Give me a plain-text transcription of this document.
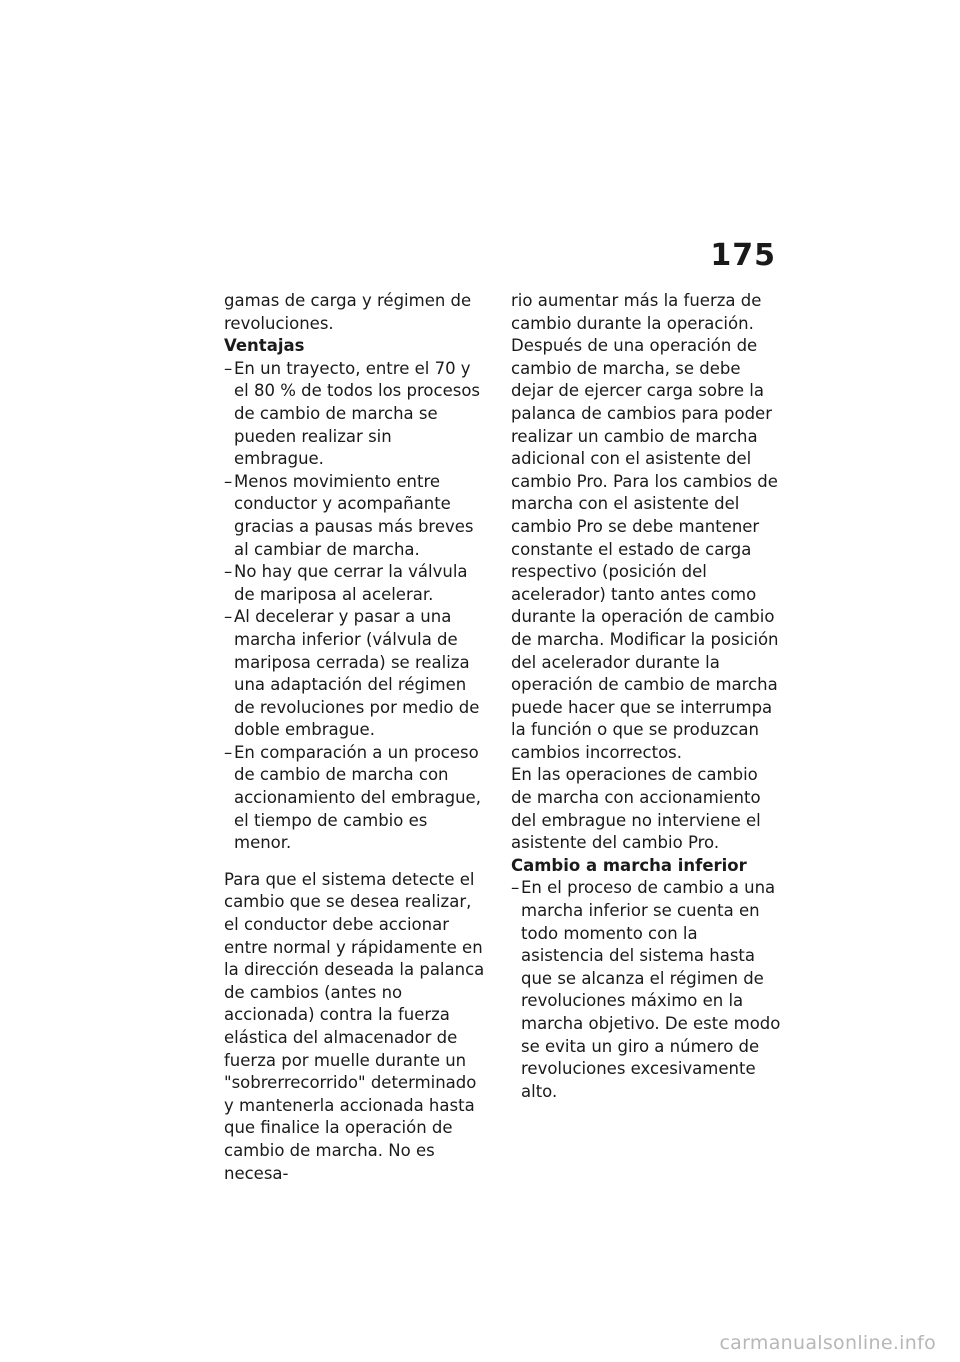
175

gamas de carga y régimen de revoluciones.

Ventajas

– En un trayecto, entre el 70 y el 80 % de todos los procesos de cambio de marcha se pueden realizar sin embrague.
– Menos movimiento entre conductor y acompañante gracias a pausas más breves al cambiar de marcha.
– No hay que cerrar la válvula de mariposa al acelerar.
– Al decelerar y pasar a una marcha inferior (válvula de mariposa cerrada) se realiza una adaptación del régimen de revoluciones por medio de doble embrague.
– En comparación a un proceso de cambio de marcha con accionamiento del embrague, el tiempo de cambio es menor.

Para que el sistema detecte el cambio que se desea realizar, el conductor debe accionar entre normal y rápidamente en la dirección deseada la palanca de cambios (antes no accionada) contra la fuerza elástica del almacenador de fuerza por muelle durante un "sobrerrecorrido" determinado y mantenerla accionada hasta que finalice la operación de cambio de marcha. No es necesa-

rio aumentar más la fuerza de cambio durante la operación. Después de una operación de cambio de marcha, se debe dejar de ejercer carga sobre la palanca de cambios para poder realizar un cambio de marcha adicional con el asistente del cambio Pro. Para los cambios de marcha con el asistente del cambio Pro se debe mantener constante el estado de carga respectivo (posición del acelerador) tanto antes como durante la operación de cambio de marcha. Modificar la posición del acelerador durante la operación de cambio de marcha puede hacer que se interrumpa la función o que se produzcan cambios incorrectos.

En las operaciones de cambio de marcha con accionamiento del embrague no interviene el asistente del cambio Pro.

Cambio a marcha inferior

– En el proceso de cambio a una marcha inferior se cuenta en todo momento con la asistencia del sistema hasta que se alcanza el régimen de revoluciones máximo en la marcha objetivo. De este modo se evita un giro a número de revoluciones excesivamente alto.
carmanualsonline.info
